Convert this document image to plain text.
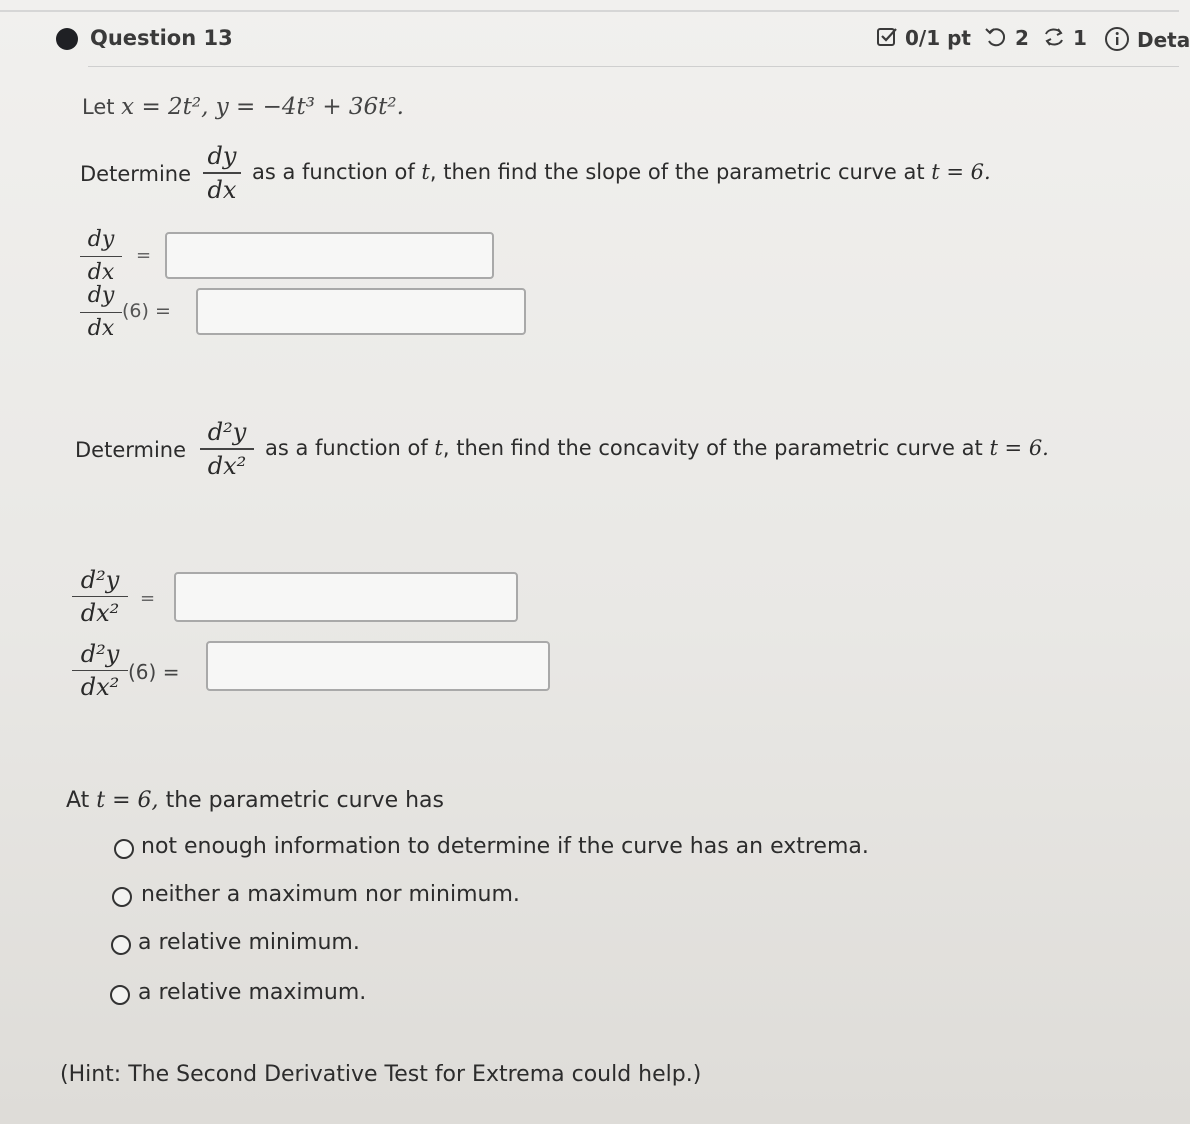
Question 13	0/1 pt	2	1	Deta
Let x = 2t², y = −4t³ + 36t².
Determine
dy
dx
as a function of t, then find the slope of the parametric curve at t = 6.
dy
dx
=
dy
dx
(6) =
Determine
d²y
dx²
as a function of t, then find the concavity of the parametric curve at t = 6.
d²y
dx²
=
d²y
dx²
(6) =
At t = 6, the parametric curve has
not enough information to determine if the curve has an extrema.
neither a maximum nor minimum.
a relative minimum.
a relative maximum.
(Hint: The Second Derivative Test for Extrema could help.)
